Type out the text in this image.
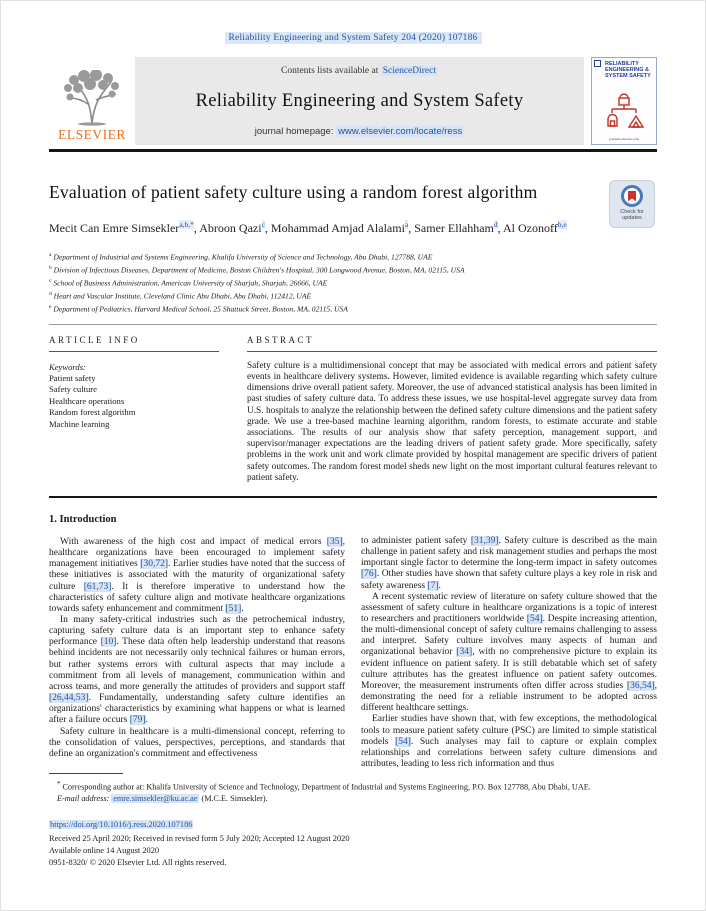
Reliability Engineering and System Safety 204 (2020) 107186
ELSEVIER
Contents lists available at ScienceDirect
Reliability Engineering and System Safety
journal homepage: www.elsevier.com/locate/ress
RELIABILITY ENGINEERING & SYSTEM SAFETY
journals.elsevier.com
Evaluation of patient safety culture using a random forest algorithm
Check for updates
Mecit Can Emre Simsekler$^{a,b,*}$, Abroon Qazi$^c$, Mohammad Amjad Alalami$^a$, Samer Ellahham$^d$, Al Ozonoff$^{b,e}$
$^a$ Department of Industrial and Systems Engineering, Khalifa University of Science and Technology, Abu Dhabi, 127788, UAE
$^b$ Division of Infectious Diseases, Department of Medicine, Boston Children's Hospital, 300 Longwood Avenue, Boston, MA, 02115, USA
$^c$ School of Business Administration, American University of Sharjah, Sharjah, 26666, UAE
$^d$ Heart and Vascular Institute, Cleveland Clinic Abu Dhabi, Abu Dhabi, 112412, UAE
$^e$ Department of Pediatrics, Harvard Medical School, 25 Shattuck Street, Boston, MA, 02115, USA
ARTICLE INFO
Keywords:
Patient safety
Safety culture
Healthcare operations
Random forest algorithm
Machine learning
ABSTRACT
Safety culture is a multidimensional concept that may be associated with medical errors and patient safety events in healthcare delivery systems. However, limited evidence is available regarding which safety culture dimensions drive overall patient safety. Moreover, the use of advanced statistical analysis has been limited in past studies of safety culture data. To address these issues, we use hospital-level aggregate survey data from U.S. hospitals to analyze the relationship between the defined safety culture dimensions and the patient safety grade. We use a tree-based machine learning algorithm, random forests, to estimate accurate and stable associations. The results of our analysis show that safety perception, management support, and supervisor/manager expectations are the leading drivers of patient safety grade. More specifically, safety problems in the work unit and work climate provided by hospital management are specific drivers of patient safety outcomes. The random forest model sheds new light on the most important cultural features relevant to patient safety.
1. Introduction

With awareness of the high cost and impact of medical errors [35], healthcare organizations have been encouraged to implement safety management initiatives [30,72]. Earlier studies have noted that the success of these initiatives is associated with the maturity of organizational safety culture [61,73]. It is therefore imperative to understand how the characteristics of safety culture align and motivate healthcare organizations towards safety enhancement and commitment [51].

In many safety-critical industries such as the petrochemical industry, capturing safety culture data is an important step to enhance safety performance [10]. These data often help leadership understand that reasons behind incidents are not necessarily only technical failures or human errors, but rather systems errors with cultural aspects that may include a commitment from all levels of management, communication within and across teams, and more generally the attitudes of providers and support staff [26,44,53]. Fundamentally, understanding safety culture identifies an organizations' characteristics by examining what happens or what is learned after a failure occurs [79].

Safety culture in healthcare is a multi-dimensional concept, referring to the consolidation of values, perspectives, perceptions, and standards that define an organization's commitment and effectiveness

to administer patient safety [31,39]. Safety culture is described as the main challenge in patient safety and risk management studies and perhaps the most important single factor to determine the long-term impact in safety outcomes [76]. Other studies have shown that safety culture plays a key role in risk and safety awareness [7].

A recent systematic review of literature on safety culture showed that the assessment of safety culture in healthcare organizations is a topic of interest to researchers and practitioners worldwide [54]. Despite increasing attention, the multi-dimensional concept of safety culture remains challenging to assess and interpret. Safety culture involves many aspects of human and organizational behavior [34], with no comprehensive picture to explain its evident influence on patient safety. It is still debatable which set of safety culture attributes has the greatest influence on patient safety outcomes. Moreover, the measurement instruments often differ across studies [36,54], demonstrating the need for a reliable instrument to be adopted across different healthcare settings.

Earlier studies have shown that, with few exceptions, the methodological tools to measure patient safety culture (PSC) are limited to simple statistical models [54]. Such analyses may fail to capture or explain complex relationships and correlations between safety culture dimensions and attributes, leading to less rich information and thus

* Corresponding author at: Khalifa University of Science and Technology, Department of Industrial and Systems Engineering, P.O. Box 127788, Abu Dhabi, UAE.
E-mail address: emre.simsekler@ku.ac.ae (M.C.E. Simsekler).
https://doi.org/10.1016/j.ress.2020.107186
Received 25 April 2020; Received in revised form 5 July 2020; Accepted 12 August 2020
Available online 14 August 2020
0951-8320/ © 2020 Elsevier Ltd. All rights reserved.
